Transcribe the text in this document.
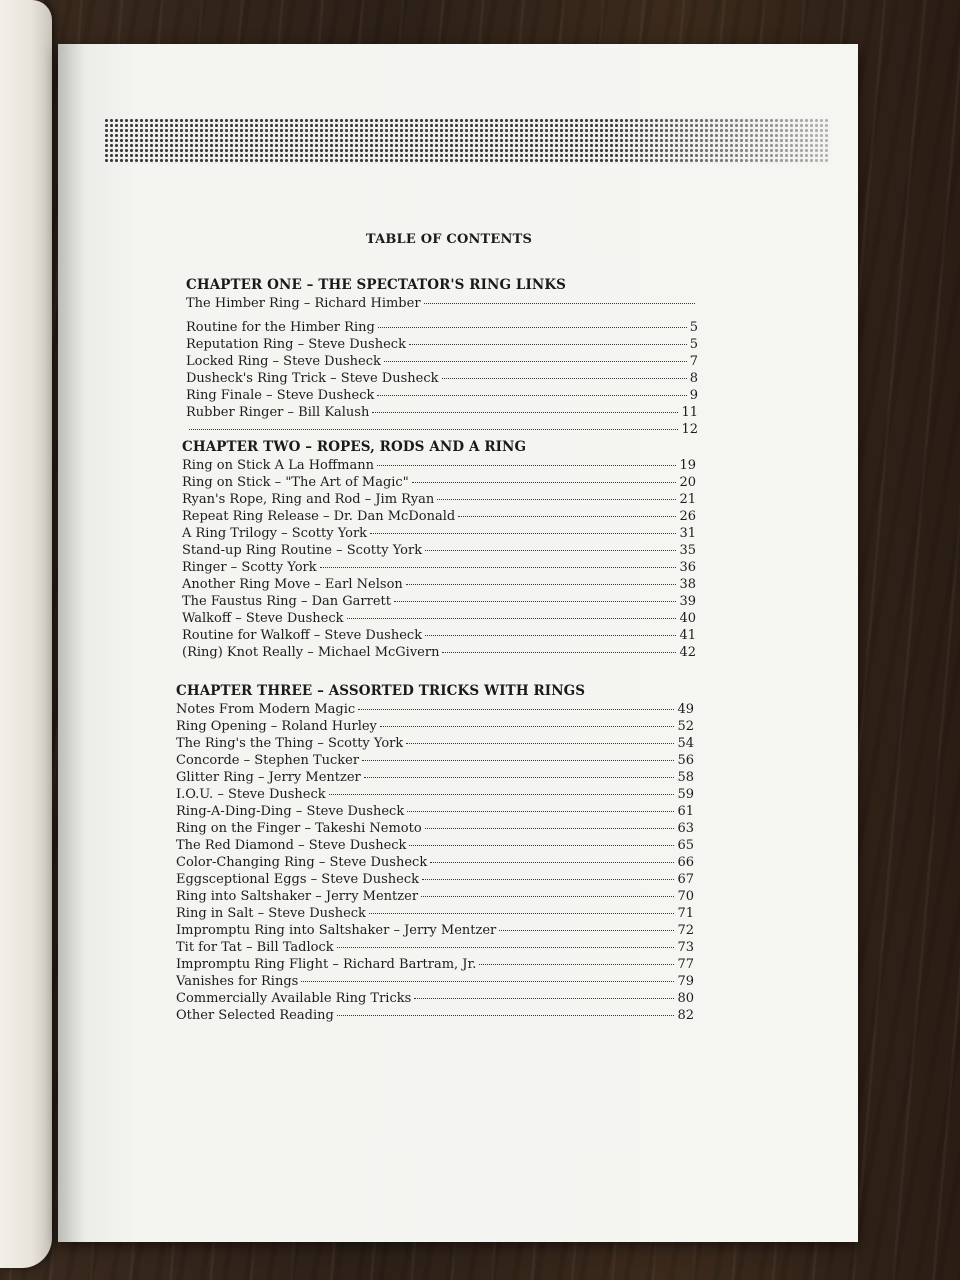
TABLE OF CONTENTS
CHAPTER ONE – THE SPECTATOR'S RING LINKS
The Himber Ring – Richard Himber
Routine for the Himber Ring	5
Reputation Ring – Steve Dusheck	5
Locked Ring – Steve Dusheck	7
Dusheck's Ring Trick – Steve Dusheck	8
Ring Finale – Steve Dusheck	9
Rubber Ringer – Bill Kalush	11
12
CHAPTER TWO – ROPES, RODS AND A RING
Ring on Stick A La Hoffmann	19
Ring on Stick – "The Art of Magic"	20
Ryan's Rope, Ring and Rod – Jim Ryan	21
Repeat Ring Release – Dr. Dan McDonald	26
A Ring Trilogy – Scotty York	31
Stand-up Ring Routine – Scotty York	35
Ringer – Scotty York	36
Another Ring Move – Earl Nelson	38
The Faustus Ring – Dan Garrett	39
Walkoff – Steve Dusheck	40
Routine for Walkoff – Steve Dusheck	41
(Ring) Knot Really – Michael McGivern	42
CHAPTER THREE – ASSORTED TRICKS WITH RINGS
Notes From Modern Magic	49
Ring Opening – Roland Hurley	52
The Ring's the Thing – Scotty York	54
Concorde – Stephen Tucker	56
Glitter Ring – Jerry Mentzer	58
I.O.U. – Steve Dusheck	59
Ring-A-Ding-Ding – Steve Dusheck	61
Ring on the Finger – Takeshi Nemoto	63
The Red Diamond – Steve Dusheck	65
Color-Changing Ring – Steve Dusheck	66
Eggsceptional Eggs – Steve Dusheck	67
Ring into Saltshaker – Jerry Mentzer	70
Ring in Salt – Steve Dusheck	71
Impromptu Ring into Saltshaker – Jerry Mentzer	72
Tit for Tat – Bill Tadlock	73
Impromptu Ring Flight – Richard Bartram, Jr.	77
Vanishes for Rings	79
Commercially Available Ring Tricks	80
Other Selected Reading	82
